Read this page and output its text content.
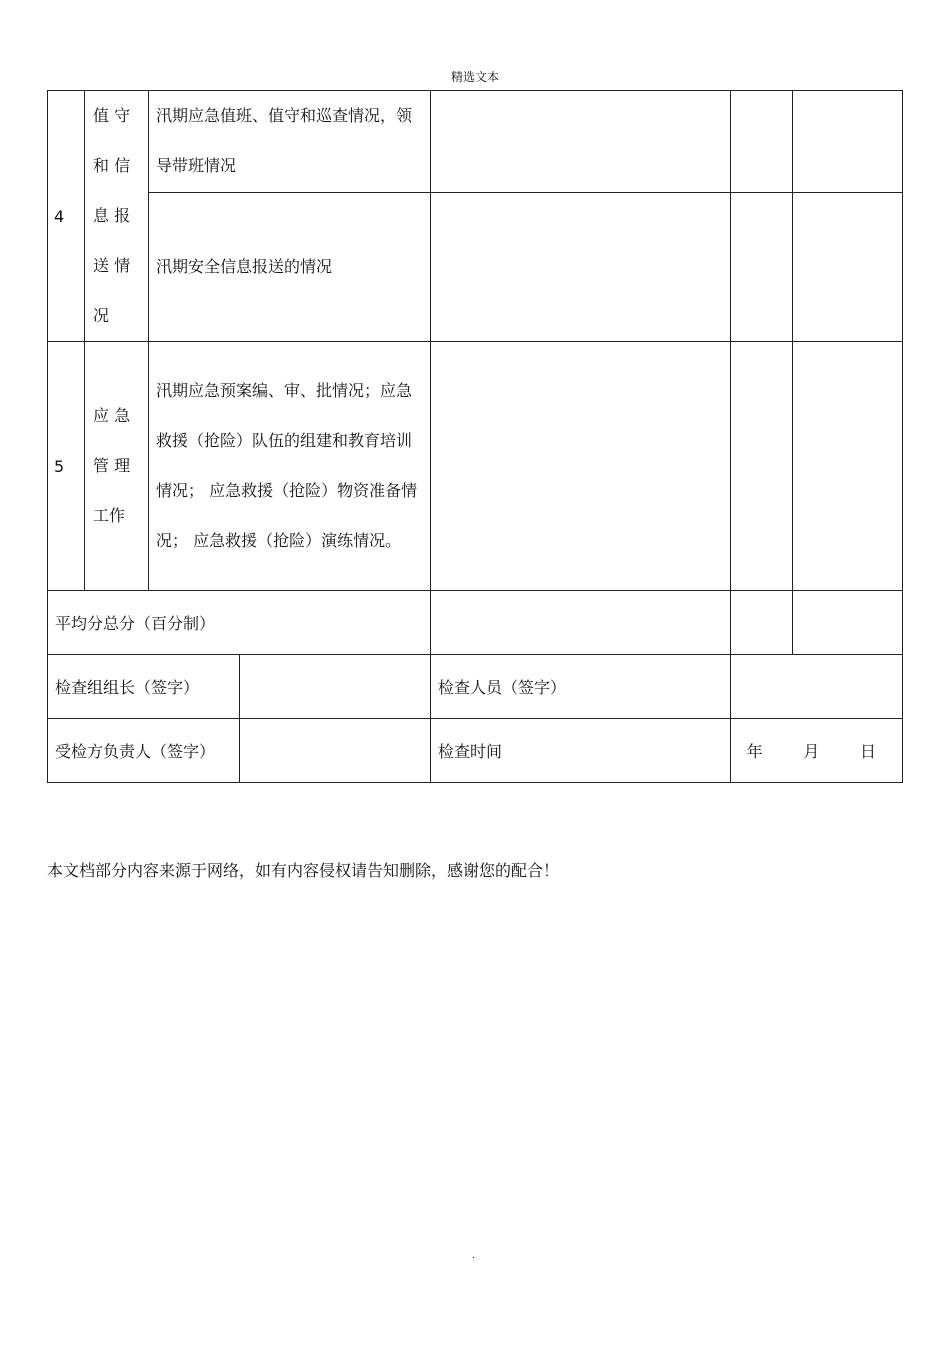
精选文本
4	值 守
和 信
息 报
送 情
况	汛期应急值班、值守和巡查情况，领导带班情况				

		汛期安全信息报送的情况				

5	应 急
管 理
工作	汛期应急预案编、审、批情况；应急救援（抢险）队伍的组建和教育培训情况； 应急救援（抢险）物资准备情况； 应急救援（抢险）演练情况。				

平均分总分（百分制）						
检查组组长（签字）				检查人员（签字）		
受检方负责人（签字）				检查时间	年        月        日	
本文档部分内容来源于网络，如有内容侵权请告知删除，感谢您的配合！
.
